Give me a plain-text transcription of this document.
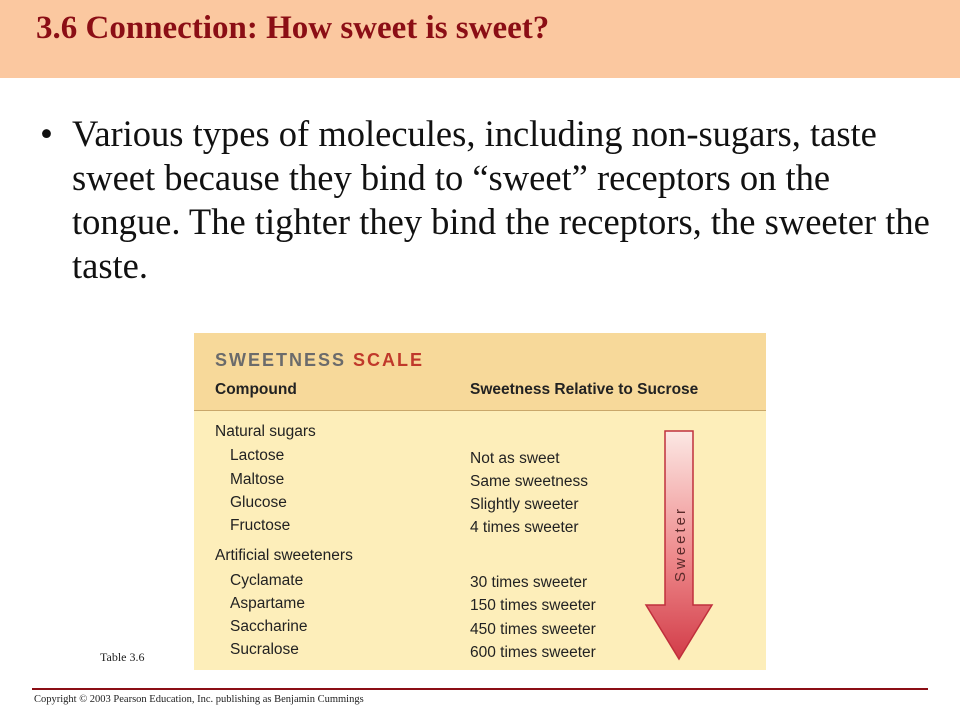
3.6 Connection: How sweet is sweet?
• Various types of molecules, including non-sugars, taste sweet because they bind to “sweet” receptors on the tongue. The tighter they bind the receptors, the sweeter the taste.
SWEETNESS SCALE
Compound	Sweetness Relative to Sucrose
Natural sugars
Lactose	Not as sweet
Maltose	Same sweetness
Glucose	Slightly sweeter
Fructose	4 times sweeter
Artificial sweeteners
Cyclamate	30 times sweeter
Aspartame	150 times sweeter
Saccharine	450 times sweeter
Sucralose	600 times sweeter
Sweeter
Table 3.6
Copyright © 2003 Pearson Education, Inc. publishing as Benjamin Cummings
